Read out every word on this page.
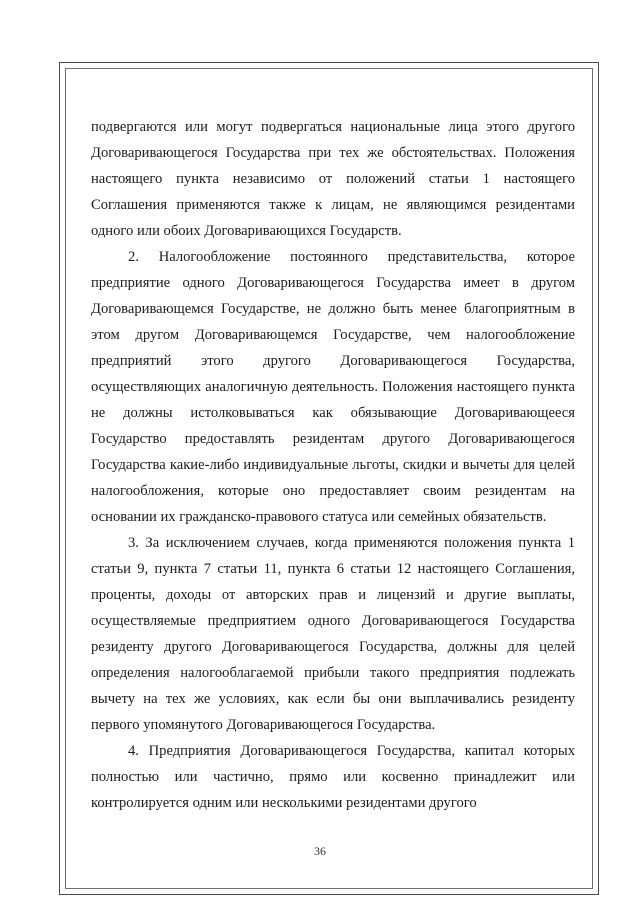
подвергаются или могут подвергаться национальные лица этого другого Договаривающегося Государства при тех же обстоятельствах. Положения настоящего пункта независимо от положений статьи 1 настоящего Соглашения применяются также к лицам, не являющимся резидентами одного или обоих Договаривающихся Государств.

2. Налогообложение постоянного представительства, которое предприятие одного Договаривающегося Государства имеет в другом Договаривающемся Государстве, не должно быть менее благоприятным в этом другом Договаривающемся Государстве, чем налогообложение предприятий этого другого Договаривающегося Государства, осуществляющих аналогичную деятельность. Положения настоящего пункта не должны истолковываться как обязывающие Договаривающееся Государство предоставлять резидентам другого Договаривающегося Государства какие-либо индивидуальные льготы, скидки и вычеты для целей налогообложения, которые оно предоставляет своим резидентам на основании их гражданско-правового статуса или семейных обязательств.

3. За исключением случаев, когда применяются положения пункта 1 статьи 9, пункта 7 статьи 11, пункта 6 статьи 12 настоящего Соглашения, проценты, доходы от авторских прав и лицензий и другие выплаты, осуществляемые предприятием одного Договаривающегося Государства резиденту другого Договаривающегося Государства, должны для целей определения налогооблагаемой прибыли такого предприятия подлежать вычету на тех же условиях, как если бы они выплачивались резиденту первого упомянутого Договаривающегося Государства.

4. Предприятия Договаривающегося Государства, капитал которых полностью или частично, прямо или косвенно принадлежит или контролируется одним или несколькими резидентами другого

36
